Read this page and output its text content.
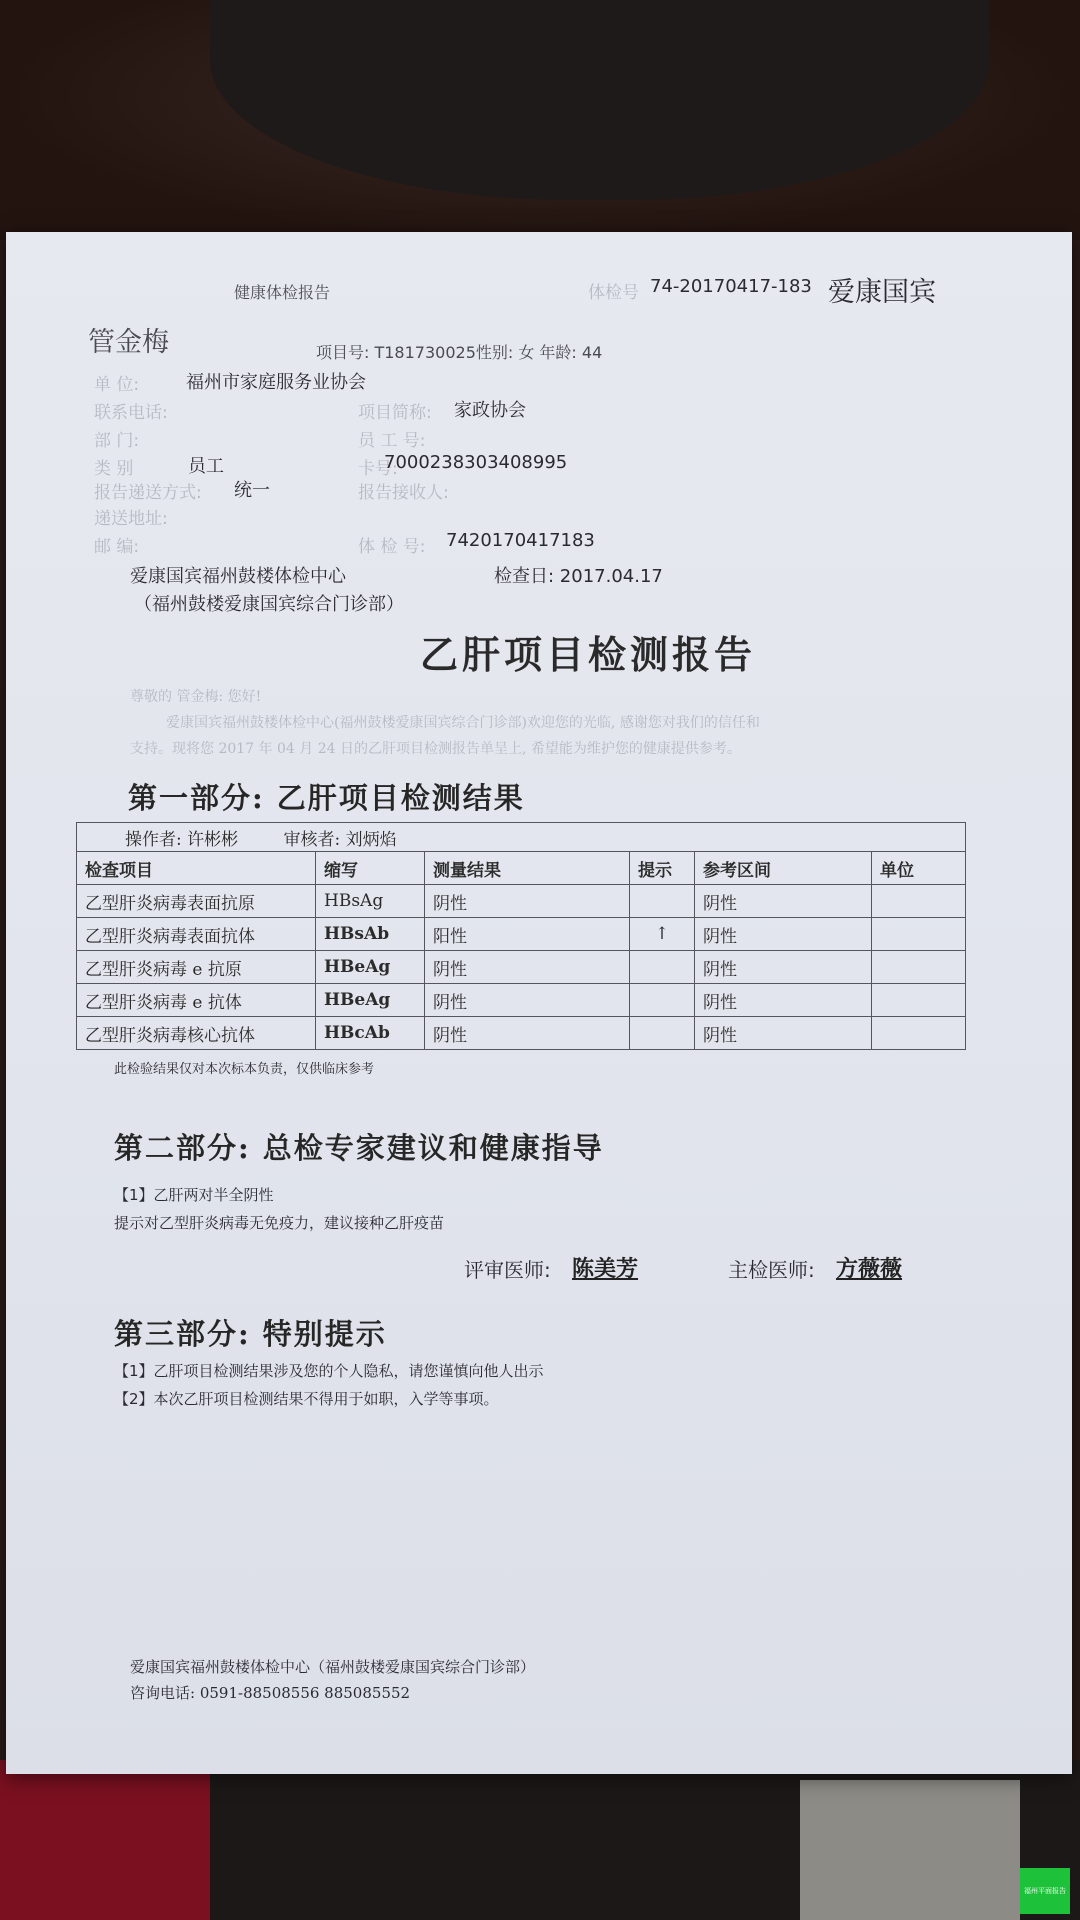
健康体检报告	体检号 74-20170417-183 爱康国宾
管金梅	项目号: T181730025性别: 女 年龄: 44
单 位:	福州市家庭服务业协会
联系电话:	项目简称: 家政协会
部 门:	员 工 号:
类 别	员工	卡号:
7000238303408995
报告递送方式: 统一	报告接收人:
递送地址:
邮 编:	体 检 号: 7420170417183
爱康国宾福州鼓楼体检中心	检查日: 2017.04.17
（福州鼓楼爱康国宾综合门诊部）
乙肝项目检测报告
尊敬的 管金梅: 您好!
爱康国宾福州鼓楼体检中心(福州鼓楼爱康国宾综合门诊部)欢迎您的光临, 感谢您对我们的信任和
支持。现将您 2017 年 04 月 24 日的乙肝项目检测报告单呈上, 希望能为维护您的健康提供参考。
第一部分: 乙肝项目检测结果
操作者: 许彬彬 审核者: 刘炳焰					
检查项目	缩写	测量结果	提示	参考区间	单位
乙型肝炎病毒表面抗原	HBsAg	阴性		阴性	
乙型肝炎病毒表面抗体	HBsAb	阳性	↑	阴性	
乙型肝炎病毒 e 抗原	HBeAg	阴性		阴性	
乙型肝炎病毒 e 抗体	HBeAg	阴性		阴性	
乙型肝炎病毒核心抗体	HBcAb	阴性		阴性	
此检验结果仅对本次标本负责，仅供临床参考
第二部分: 总检专家建议和健康指导
【1】乙肝两对半全阴性
提示对乙型肝炎病毒无免疫力，建议接种乙肝疫苗
评审医师: 陈美芳	主检医师: 方薇薇
第三部分: 特别提示
【1】乙肝项目检测结果涉及您的个人隐私，请您谨慎向他人出示
【2】本次乙肝项目检测结果不得用于如职，入学等事项。
爱康国宾福州鼓楼体检中心（福州鼓楼爱康国宾综合门诊部）
咨询电话: 0591-88508556 885085552
福州平面报告
